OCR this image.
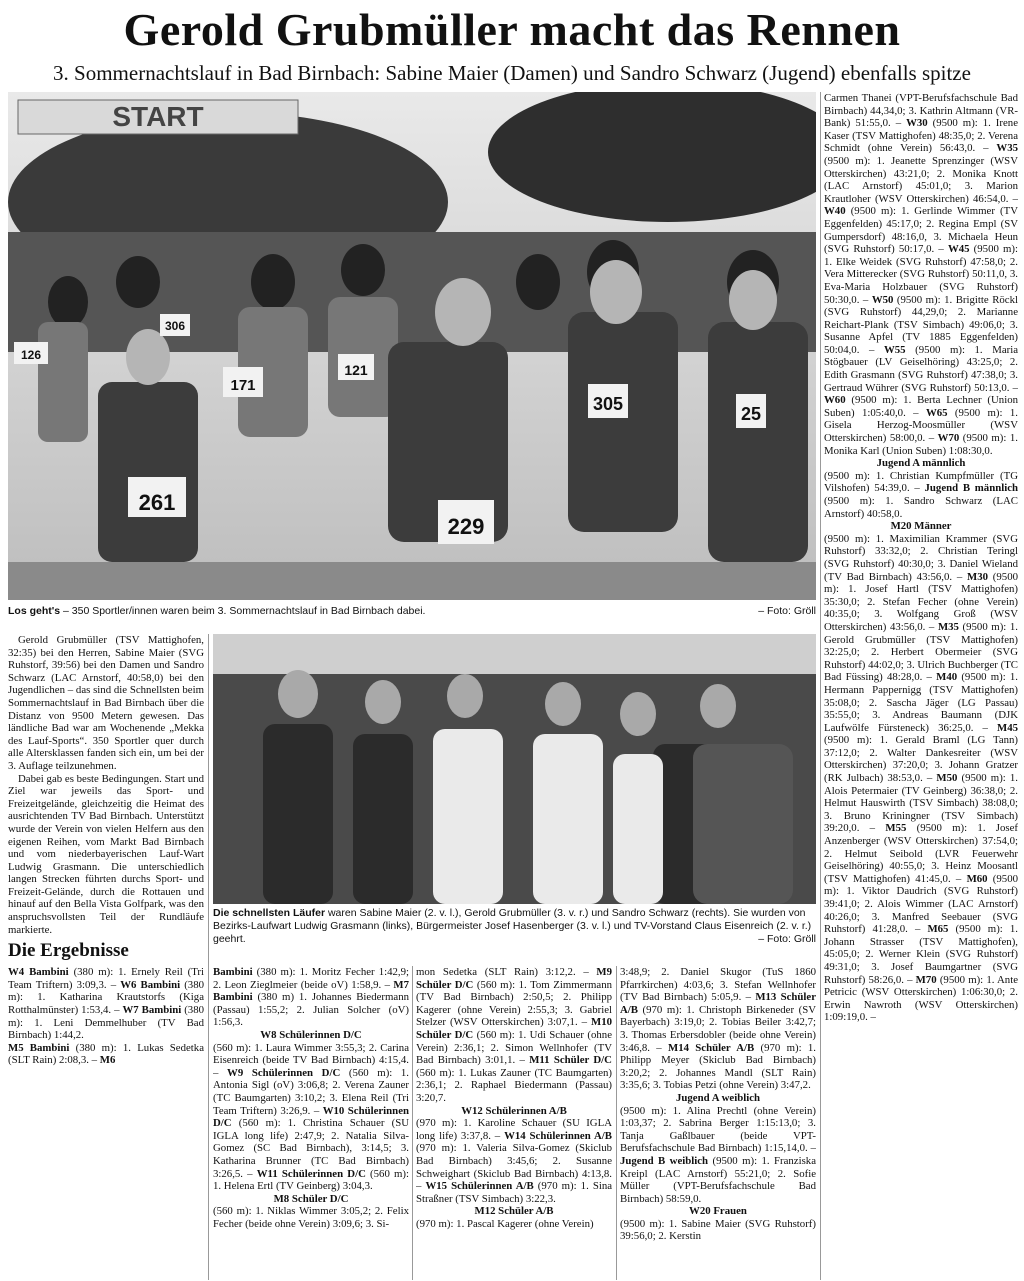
Gerold Grubmüller macht das Rennen
3. Sommernachtslauf in Bad Birnbach: Sabine Maier (Damen) und Sandro Schwarz (Jugend) ebenfalls spitze
START
261
171
121
305
229
126
306
25
Los geht's – 350 Sportler/innen waren beim 3. Sommernachtslauf in Bad Birnbach dabei.	– Foto: Gröll
Die schnellsten Läufer waren Sabine Maier (2. v. l.), Gerold Grubmüller (3. v. r.) und Sandro Schwarz (rechts). Sie wurden von Bezirks-Laufwart Ludwig Grasmann (links), Bürgermeister Josef Hasenberger (3. v. l.) und TV-Vorstand Claus Eisenreich (2. v. r.) geehrt.	– Foto: Gröll

Gerold Grubmüller (TSV Mattighofen, 32:35) bei den Herren, Sabine Maier (SVG Ruhstorf, 39:56) bei den Damen und Sandro Schwarz (LAC Arnstorf, 40:58,0) bei den Jugendlichen – das sind die Schnellsten beim Sommernachtslauf in Bad Birnbach über die Distanz von 9500 Metern gewesen. Das ländliche Bad war am Wochenende „Mekka des Lauf-Sports“. 350 Sportler quer durch alle Altersklassen fanden sich ein, um bei der 3. Auflage teilzunehmen.

Dabei gab es beste Bedingungen. Start und Ziel war jeweils das Sport- und Freizeitgelände, gleichzeitig die Heimat des ausrichtenden TV Bad Birnbach. Unterstützt wurde der Verein von vielen Helfern aus den eigenen Reihen, vom Markt Bad Birnbach und vom niederbayerischen Lauf-Wart Ludwig Grasmann. Die unterschiedlich langen Strecken führten durchs Sport- und Freizeit-Gelände, durch die Rottauen und hinauf auf den Bella Vista Golfpark, was den anspruchsvollsten Teil der Rundläufe markierte.

Die Ergebnisse
W4 Bambini (380 m): 1. Ernely Reil (Tri Team Triftern) 3:09,3. – W6 Bambini (380 m): 1. Katharina Krautstorfs (Kiga Rotthalmünster) 1:53,4. – W7 Bambini (380 m): 1. Leni Demmelhuber (TV Bad Birnbach) 1:44,2.
M5 Bambini (380 m): 1. Lukas Sedetka (SLT Rain) 2:08,3. – M6
Bambini (380 m): 1. Moritz Fecher 1:42,9; 2. Leon Zieglmeier (beide oV) 1:58,9. – M7 Bambini (380 m) 1. Johannes Biedermann (Passau) 1:55,2; 2. Julian Solcher (oV) 1:56,3.
W8 Schülerinnen D/C
(560 m): 1. Laura Wimmer 3:55,3; 2. Carina Eisenreich (beide TV Bad Birnbach) 4:15,4. – W9 Schülerinnen D/C (560 m): 1. Antonia Sigl (oV) 3:06,8; 2. Verena Zauner (TC Baumgarten) 3:10,2; 3. Elena Reil (Tri Team Triftern) 3:26,9. – W10 Schülerinnen D/C (560 m): 1. Christina Schauer (SU IGLA long life) 2:47,9; 2. Natalia Silva-Gomez (SC Bad Birnbach), 3:14,5; 3. Katharina Brunner (TC Bad Birnbach) 3:26,5. – W11 Schülerinnen D/C (560 m): 1. Helena Ertl (TV Geinberg) 3:04,3.
M8 Schüler D/C
(560 m): 1. Niklas Wimmer 3:05,2; 2. Felix Fecher (beide ohne Verein) 3:09,6; 3. Si-
mon Sedetka (SLT Rain) 3:12,2. – M9 Schüler D/C (560 m): 1. Tom Zimmermann (TV Bad Birnbach) 2:50,5; 2. Philipp Kagerer (ohne Verein) 2:55,3; 3. Gabriel Stelzer (WSV Otterskirchen) 3:07,1. – M10 Schüler D/C (560 m): 1. Udi Schauer (ohne Verein) 2:36,1; 2. Simon Wellnhofer (TV Bad Birnbach) 3:01,1. – M11 Schüler D/C (560 m): 1. Lukas Zauner (TC Baumgarten) 2:36,1; 2. Raphael Biedermann (Passau) 3:20,7.
W12 Schülerinnen A/B
(970 m): 1. Karoline Schauer (SU IGLA long life) 3:37,8. – W14 Schülerinnen A/B (970 m): 1. Valeria Silva-Gomez (Skiclub Bad Birnbach) 3:45,6; 2. Susanne Schweighart (Skiclub Bad Birnbach) 4:13,8. – W15 Schülerinnen A/B (970 m): 1. Sina Straßner (TSV Simbach) 3:22,3.
M12 Schüler A/B
(970 m): 1. Pascal Kagerer (ohne Verein)
3:48,9; 2. Daniel Skugor (TuS 1860 Pfarrkirchen) 4:03,6; 3. Stefan Wellnhofer (TV Bad Birnbach) 5:05,9. – M13 Schüler A/B (970 m): 1. Christoph Birkeneder (SV Bayerbach) 3:19,0; 2. Tobias Beiler 3:42,7; 3. Thomas Erbersdobler (beide ohne Verein) 3:46,8. – M14 Schüler A/B (970 m): 1. Philipp Meyer (Skiclub Bad Birnbach) 3:20,2; 2. Johannes Mandl (SLT Rain) 3:35,6; 3. Tobias Petzi (ohne Verein) 3:47,2.
Jugend A weiblich
(9500 m): 1. Alina Prechtl (ohne Verein) 1:03,37; 2. Sabrina Berger 1:15:13,0; 3. Tanja Gaßlbauer (beide VPT-Berufsfachschule Bad Birnbach) 1:15,14,0. – Jugend B weiblich (9500 m): 1. Franziska Kreipl (LAC Arnstorf) 55:21,0; 2. Sofie Müller (VPT-Berufsfachschule Bad Birnbach) 58:59,0.
W20 Frauen
(9500 m): 1. Sabine Maier (SVG Ruhstorf) 39:56,0; 2. Kerstin
Carmen Thanei (VPT-Berufsfachschule Bad Birnbach) 44,34,0; 3. Kathrin Altmann (VR-Bank) 51:55,0. – W30 (9500 m): 1. Irene Kaser (TSV Mattighofen) 48:35,0; 2. Verena Schmidt (ohne Verein) 56:43,0. – W35 (9500 m): 1. Jeanette Sprenzinger (WSV Otterskirchen) 43:21,0; 2. Monika Knott (LAC Arnstorf) 45:01,0; 3. Marion Krautloher (WSV Otterskirchen) 46:54,0. – W40 (9500 m): 1. Gerlinde Wimmer (TV Eggenfelden) 45:17,0; 2. Regina Empl (SV Gumpersdorf) 48:16,0, 3. Michaela Heun (SVG Ruhstorf) 50:17,0. – W45 (9500 m): 1. Elke Weidek (SVG Ruhstorf) 47:58,0; 2. Vera Mitterecker (SVG Ruhstorf) 50:11,0, 3. Eva-Maria Holzbauer (SVG Ruhstorf) 50:30,0. – W50 (9500 m): 1. Brigitte Röckl (SVG Ruhstorf) 44,29,0; 2. Marianne Reichart-Plank (TSV Simbach) 49:06,0; 3. Susanne Apfel (TV 1885 Eggenfelden) 50:04,0. – W55 (9500 m): 1. Maria Stögbauer (LV Geiselhöring) 43:25,0; 2. Edith Grasmann (SVG Ruhstorf) 47:38,0; 3. Gertraud Wührer (SVG Ruhstorf) 50:13,0. – W60 (9500 m): 1. Berta Lechner (Union Suben) 1:05:40,0. – W65 (9500 m): 1. Gisela Herzog-Moosmüller (WSV Otterskirchen) 58:00,0. – W70 (9500 m): 1. Monika Karl (Union Suben) 1:08:30,0.
Jugend A männlich
(9500 m): 1. Christian Kumpfmüller (TG Vilshofen) 54:39,0. – Jugend B männlich (9500 m): 1. Sandro Schwarz (LAC Arnstorf) 40:58,0.
M20 Männer
(9500 m): 1. Maximilian Krammer (SVG Ruhstorf) 33:32,0; 2. Christian Teringl (SVG Ruhstorf) 40:30,0; 3. Daniel Wieland (TV Bad Birnbach) 43:56,0. – M30 (9500 m): 1. Josef Hartl (TSV Mattighofen) 35:30,0; 2. Stefan Fecher (ohne Verein) 40:35,0; 3. Wolfgang Groß (WSV Otterskirchen) 43:56,0. – M35 (9500 m): 1. Gerold Grubmüller (TSV Mattighofen) 32:25,0; 2. Herbert Obermeier (SVG Ruhstorf) 44:02,0; 3. Ulrich Buchberger (TC Bad Füssing) 48:28,0. – M40 (9500 m): 1. Hermann Pappernigg (TSV Mattighofen) 35:08,0; 2. Sascha Jäger (LG Passau) 35:55,0; 3. Andreas Baumann (DJK Laufwölfe Fürsteneck) 36:25,0. – M45 (9500 m): 1. Gerald Braml (LG Tann) 37:12,0; 2. Walter Dankesreiter (WSV Otterskirchen) 37:20,0; 3. Johann Gratzer (RK Julbach) 38:53,0. – M50 (9500 m): 1. Alois Petermaier (TV Geinberg) 36:38,0; 2. Helmut Hauswirth (TSV Simbach) 38:08,0; 3. Bruno Kriningner (TSV Simbach) 39:20,0. – M55 (9500 m): 1. Josef Anzenberger (WSV Otterskirchen) 37:54,0; 2. Helmut Seibold (LVR Feuerwehr Geiselhöring) 40:55,0; 3. Heinz Moosantl (TSV Mattighofen) 41:45,0. – M60 (9500 m): 1. Viktor Daudrich (SVG Ruhstorf) 39:41,0; 2. Alois Wimmer (LAC Arnstorf) 40:26,0; 3. Manfred Seebauer (SVG Ruhstorf) 41:28,0. – M65 (9500 m): 1. Johann Strasser (TSV Mattighofen), 45:05,0; 2. Werner Klein (SVG Ruhstorf) 49:31,0; 3. Josef Baumgartner (SVG Ruhstorf) 58:26,0. – M70 (9500 m): 1. Ante Petricic (WSV Otterskirchen) 1:06:30,0; 2. Erwin Nawroth (WSV Otterskirchen) 1:09:19,0. –
